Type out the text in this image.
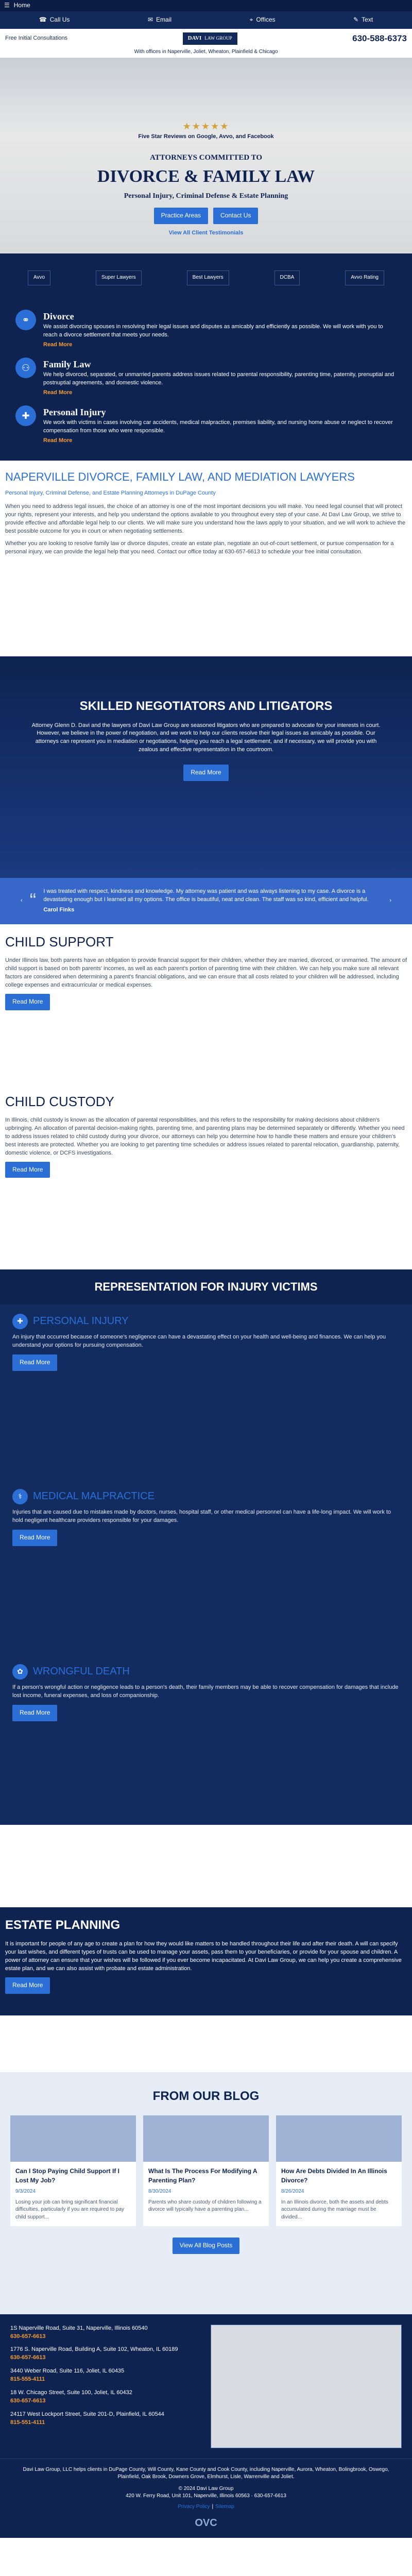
☰ Home
☎ Call Us	✉ Email	⌖ Offices	✎ Text
Free Initial Consultations	DAVI LAW GROUP	630-588-6373
With offices in Naperville, Joliet, Wheaton, Plainfield & Chicago
★★★★★
Five Star Reviews on Google, Avvo, and Facebook
ATTORNEYS COMMITTED TO
DIVORCE & FAMILY LAW
Personal Injury, Criminal Defense & Estate Planning
Practice Areas	Contact Us
View All Client Testimonials
Avvo	Super Lawyers	Best Lawyers	DCBA	Avvo Rating
⚭	Divorce

We assist divorcing spouses in resolving their legal issues and disputes as amicably and efficiently as possible. We will work with you to reach a divorce settlement that meets your needs.

Read More
⚇	Family Law

We help divorced, separated, or unmarried parents address issues related to parental responsibility, parenting time, paternity, prenuptial and postnuptial agreements, and domestic violence.

Read More
✚	Personal Injury

We work with victims in cases involving car accidents, medical malpractice, premises liability, and nursing home abuse or neglect to recover compensation from those who were responsible.

Read More
NAPERVILLE DIVORCE, FAMILY LAW, AND MEDIATION LAWYERS
Personal Injury, Criminal Defense, and Estate Planning Attorneys in DuPage County

When you need to address legal issues, the choice of an attorney is one of the most important decisions you will make. You need legal counsel that will protect your rights, represent your interests, and help you understand the options available to you throughout every step of your case. At Davi Law Group, we strive to provide effective and affordable legal help to our clients. We will make sure you understand how the laws apply to your situation, and we will work to achieve the best possible outcome for you in court or when negotiating settlements.

Whether you are looking to resolve family law or divorce disputes, create an estate plan, negotiate an out-of-court settlement, or pursue compensation for a personal injury, we can provide the legal help that you need. Contact our office today at 630-657-6613 to schedule your free initial consultation.

SKILLED NEGOTIATORS AND LITIGATORS

Attorney Glenn D. Davi and the lawyers of Davi Law Group are seasoned litigators who are prepared to advocate for your interests in court. However, we believe in the power of negotiation, and we work to help our clients resolve their legal issues as amicably as possible. Our attorneys can represent you in mediation or negotiations, helping you reach a legal settlement, and if necessary, we will provide you with zealous and effective representation in the courtroom.

Read More
‹ “ I was treated with respect, kindness and knowledge. My attorney was patient and was always listening to my case. A divorce is a devastating enough but I learned all my options. The office is beautiful, neat and clean. The staff was so kind, efficient and helpful.
Carol Finks
›
CHILD SUPPORT

Under Illinois law, both parents have an obligation to provide financial support for their children, whether they are married, divorced, or unmarried. The amount of child support is based on both parents' incomes, as well as each parent's portion of parenting time with their children. We can help you make sure all relevant factors are considered when determining a parent's financial obligations, and we can ensure that all costs related to your children will be addressed, including college expenses and extracurricular or medical expenses.

Read More
CHILD CUSTODY

In Illinois, child custody is known as the allocation of parental responsibilities, and this refers to the responsibility for making decisions about children's upbringing. An allocation of parental decision-making rights, parenting time, and parenting plans may be determined separately or differently. Whether you need to address issues related to child custody during your divorce, our attorneys can help you determine how to handle these matters and ensure your children's best interests are protected. Whether you are looking to get parenting time schedules or address issues related to parental relocation, guardianship, paternity, domestic violence, or DCFS investigations.

Read More
REPRESENTATION FOR INJURY VICTIMS
✚ PERSONAL INJURY

An injury that occurred because of someone's negligence can have a devastating effect on your health and well-being and finances. We can help you understand your options for pursuing compensation.

Read More
⚕	MEDICAL MALPRACTICE

Injuries that are caused due to mistakes made by doctors, nurses, hospital staff, or other medical personnel can have a life-long impact. We will work to hold negligent healthcare providers responsible for your damages.

Read More
✿ WRONGFUL DEATH

If a person's wrongful action or negligence leads to a person's death, their family members may be able to recover compensation for damages that include lost income, funeral expenses, and loss of companionship.

Read More
ESTATE PLANNING

It is important for people of any age to create a plan for how they would like matters to be handled throughout their life and after their death. A will can specify your last wishes, and different types of trusts can be used to manage your assets, pass them to your beneficiaries, or provide for your spouse and children. A power of attorney can ensure that your wishes will be followed if you ever become incapacitated. At Davi Law Group, we can help you create a comprehensive estate plan, and we can also assist with probate and estate administration.

Read More
FROM OUR BLOG
Can I Stop Paying Child Support If I Lost My Job?
9/3/2024

Losing your job can bring significant financial difficulties, particularly if you are required to pay child support...

What Is The Process For Modifying A Parenting Plan?
8/30/2024

Parents who share custody of children following a divorce will typically have a parenting plan...

How Are Debts Divided In An Illinois Divorce?
8/26/2024

In an Illinois divorce, both the assets and debts accumulated during the marriage must be divided...

View All Blog Posts
1S Naperville Road, Suite 31, Naperville, Illinois 60540
630-657-6613
1776 S. Naperville Road, Building A, Suite 102, Wheaton, IL 60189
630-657-6613
3440 Weber Road, Suite 116, Joliet, IL 60435
815-555-4111
18 W. Chicago Street, Suite 100, Joliet, IL 60432
630-657-6613
24117 West Lockport Street, Suite 201-D, Plainfield, IL 60544
815-551-4111

Davi Law Group, LLC helps clients in DuPage County, Will County, Kane County and Cook County, including Naperville, Aurora, Wheaton, Bolingbrook, Oswego, Plainfield, Oak Brook, Downers Grove, Elmhurst, Lisle, Warrenville and Joliet.

© 2024 Davi Law Group

420 W. Ferry Road, Unit 101, Naperville, Illinois 60563 · 630-657-6613

Privacy Policy | Sitemap
OVC
